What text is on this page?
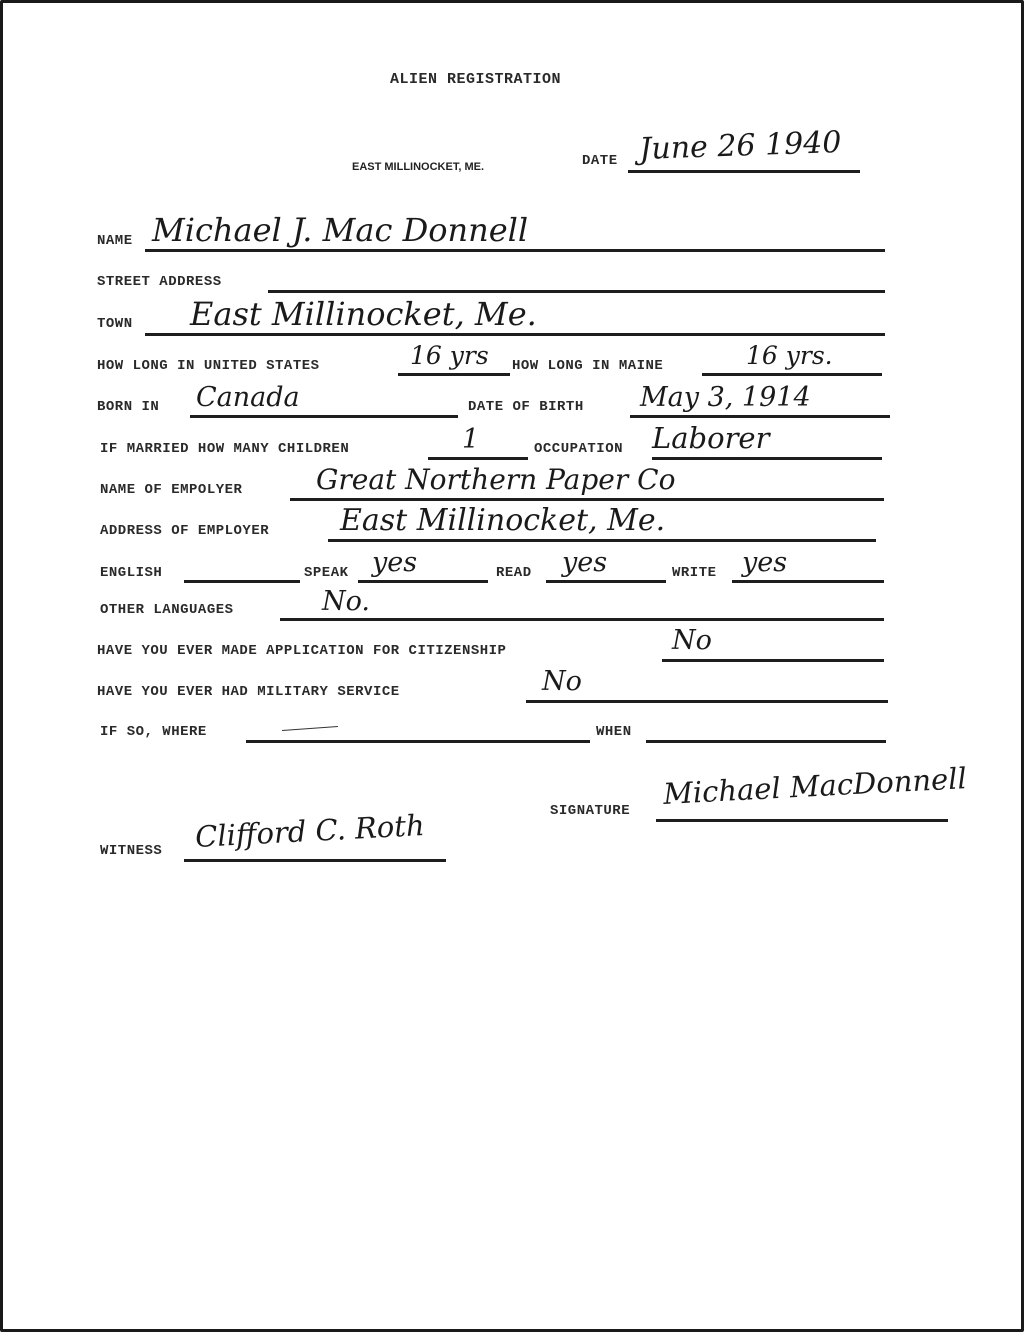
ALIEN REGISTRATION
EAST MILLINOCKET, ME.	DATE June 26 1940
NAME Michael J. Mac Donnell
STREET ADDRESS
TOWN East Millinocket, Me.
HOW LONG IN UNITED STATES	16 yrs HOW LONG IN MAINE	16 yrs.
BORN IN Canada	DATE OF BIRTH May 3, 1914
IF MARRIED HOW MANY CHILDREN	1	OCCUPATION Laborer
NAME OF EMPOLYER	Great Northern Paper Co
ADDRESS OF EMPLOYER East Millinocket, Me.
ENGLISH	SPEAK yes	READ yes	WRITE yes
OTHER LANGUAGES	No.
HAVE YOU EVER MADE APPLICATION FOR CITIZENSHIP	No
HAVE YOU EVER HAD MILITARY SERVICE	No
IF SO, WHERE	WHEN
SIGNATURE
Michael MacDonnell
WITNESS Clifford C. Roth
